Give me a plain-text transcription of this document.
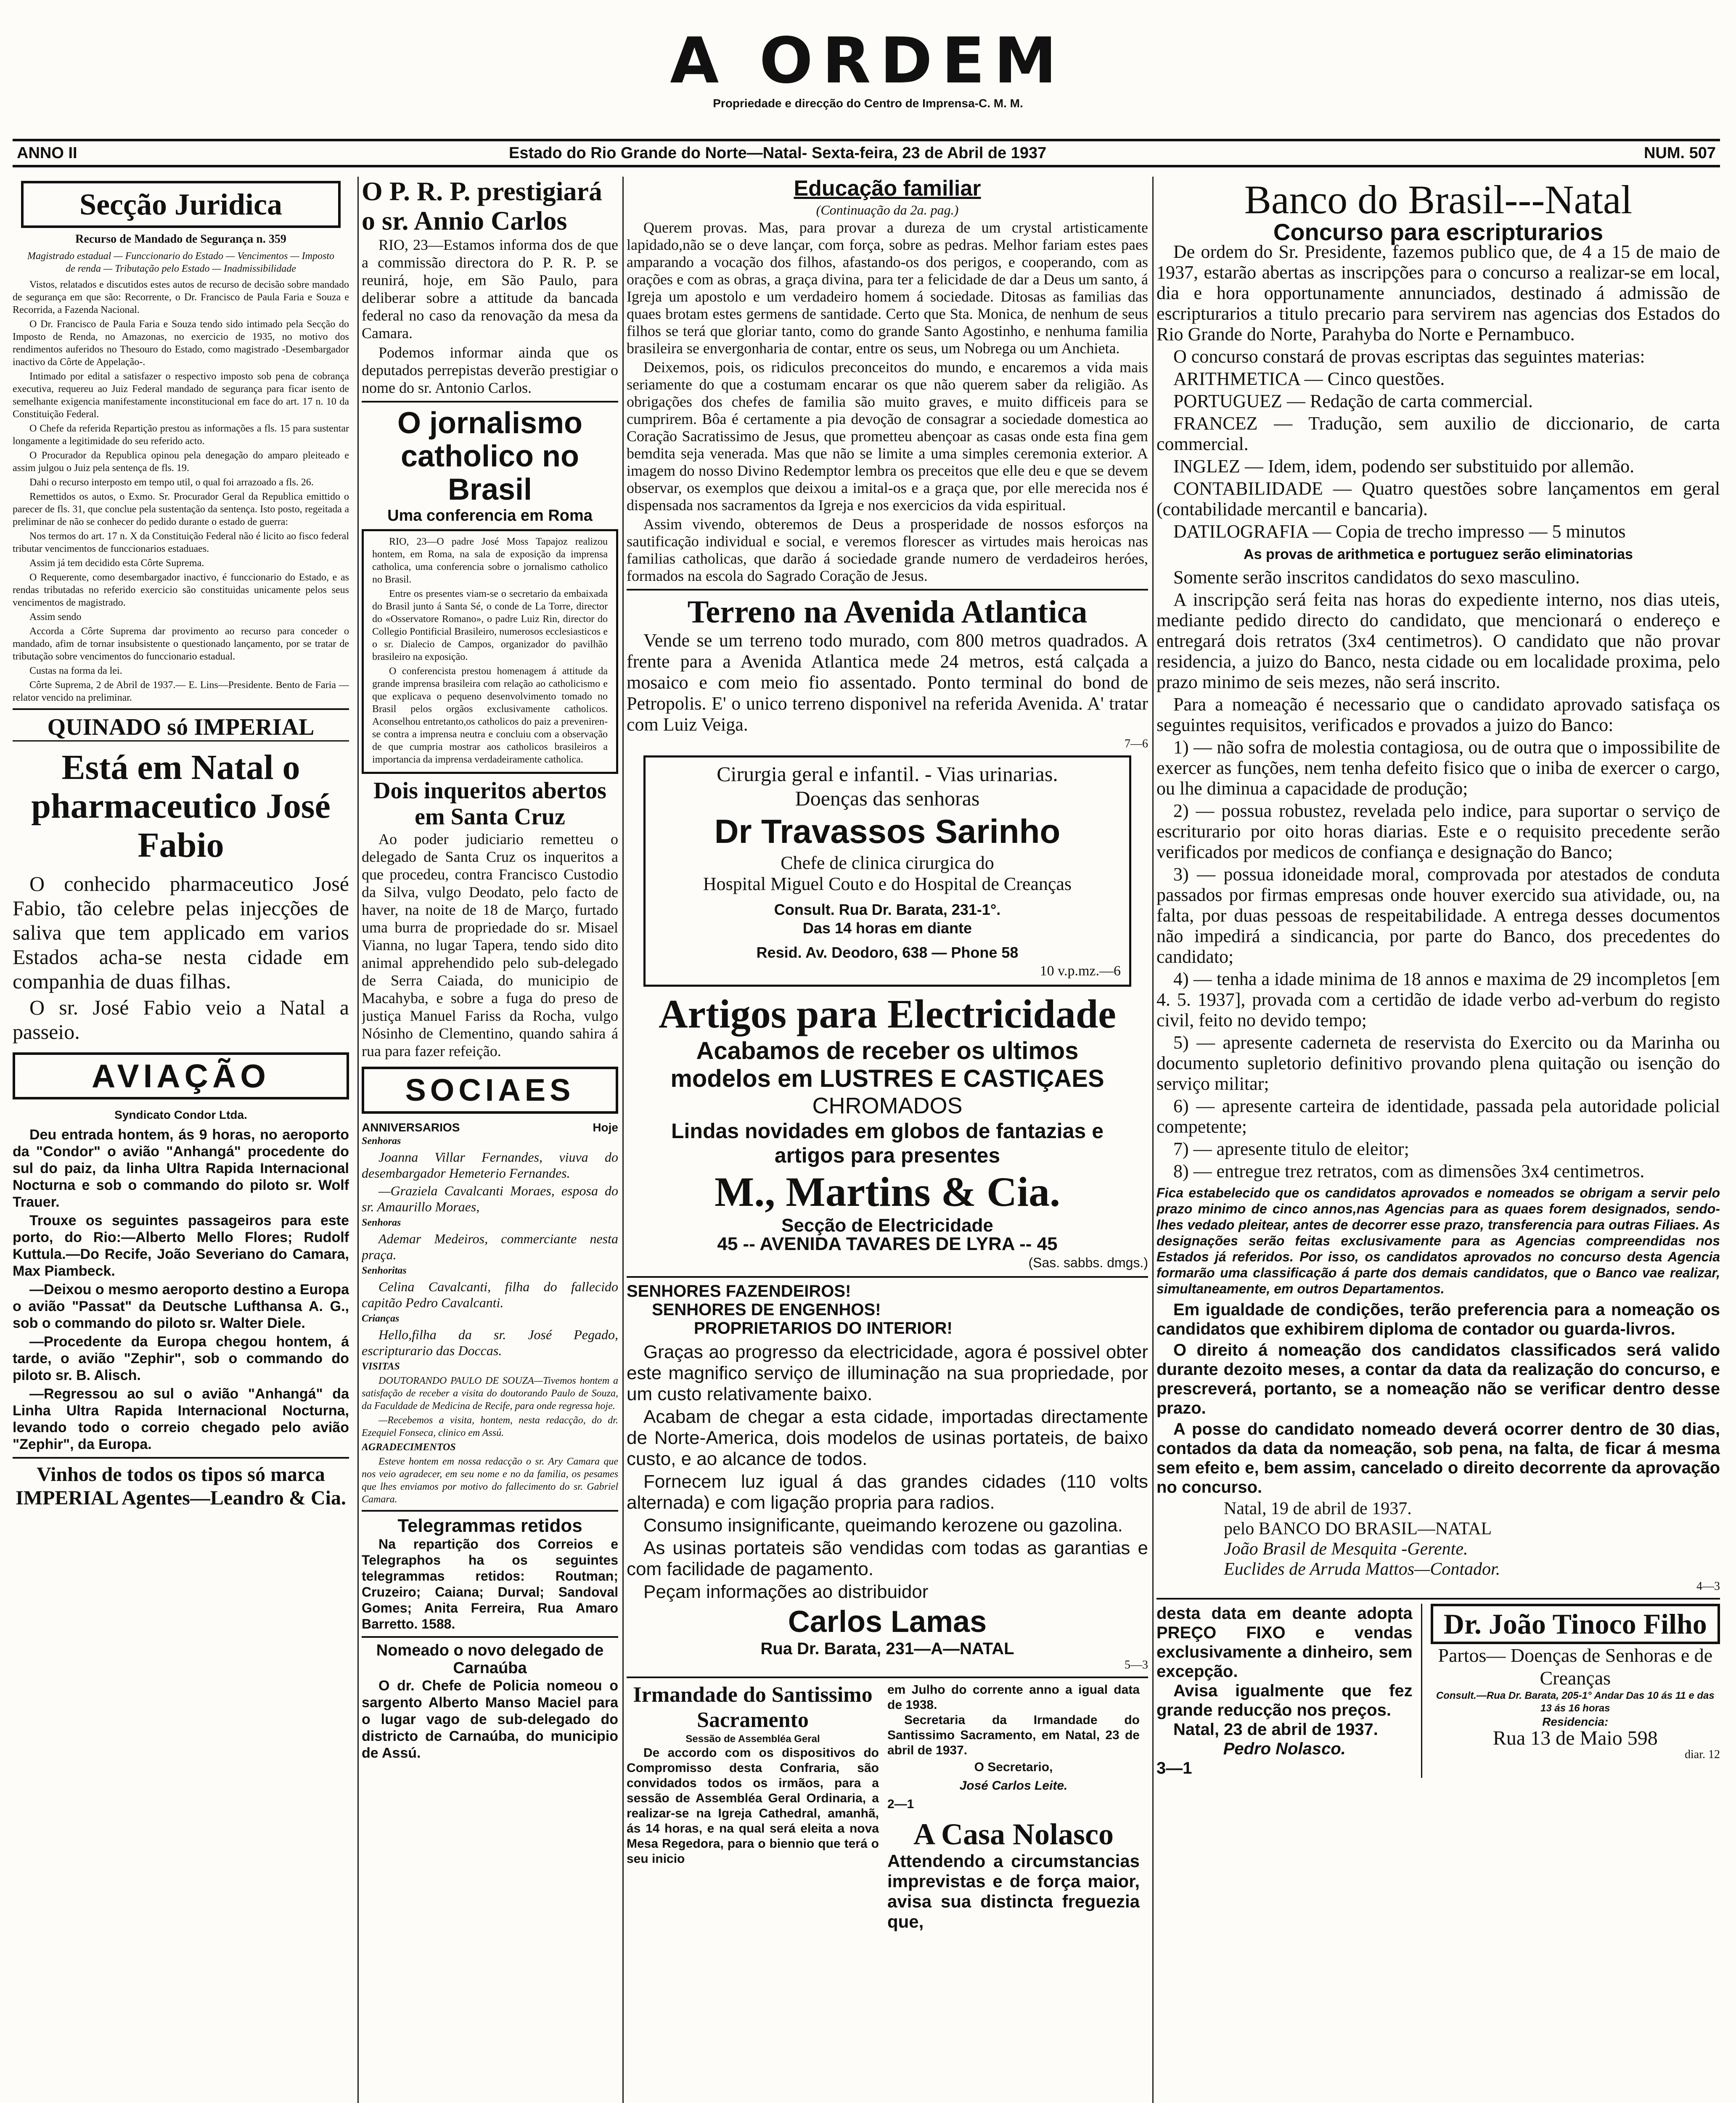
A ORDEM
Propriedade e direcção do Centro de Imprensa-C. M. M.
ANNO II	Estado do Rio Grande do Norte—Natal- Sexta-feira, 23 de Abril de 1937	NUM. 507
Secção Juridica
Recurso de Mandado de Segurança n. 359
Magistrado estadual — Funccionario do Estado — Vencimentos — Imposto de renda — Tributação pelo Estado — Inadmissibilidade

Vistos, relatados e discutidos estes autos de recurso de decisão sobre mandado de segurança em que são: Recorrente, o Dr. Francisco de Paula Faria e Souza e Recorrida, a Fazenda Nacional.

O Dr. Francisco de Paula Faria e Souza tendo sido intimado pela Secção do Imposto de Renda, no Amazonas, no exercicio de 1935, no motivo dos rendimentos auferidos no Thesouro do Estado, como magistrado -Desembargador inactivo da Côrte de Appelação-.

Intimado por edital a satisfazer o respectivo imposto sob pena de cobrança executiva, requereu ao Juiz Federal mandado de segurança para ficar isento de semelhante exigencia manifestamente inconstitucional em face do art. 17 n. 10 da Constituição Federal.

O Chefe da referida Repartição prestou as informações a fls. 15 para sustentar longamente a legitimidade do seu referido acto.

O Procurador da Republica opinou pela denegação do amparo pleiteado e assim julgou o Juiz pela sentença de fls. 19.

Dahi o recurso interposto em tempo util, o qual foi arrazoado a fls. 26.

Remettidos os autos, o Exmo. Sr. Procurador Geral da Republica emittido o parecer de fls. 31, que conclue pela sustentação da sentença. Isto posto, regeitada a preliminar de não se conhecer do pedido durante o estado de guerra:

Nos termos do art. 17 n. X da Constituição Federal não é licito ao fisco federal tributar vencimentos de funccionarios estaduaes.

Assim já tem decidido esta Côrte Suprema.

O Requerente, como desembargador inactivo, é funccionario do Estado, e as rendas tributadas no referido exercicio são constituidas unicamente pelos seus vencimentos de magistrado.

Assim sendo

Accorda a Côrte Suprema dar provimento ao recurso para conceder o mandado, afim de tornar insubsistente o questionado lançamento, por se tratar de tributação sobre vencimentos do funccionario estadual.

Custas na forma da lei.

Côrte Suprema, 2 de Abril de 1937.— E. Lins—Presidente. Bento de Faria —relator vencido na preliminar.

QUINADO só IMPERIAL
Está em Natal o pharmaceutico José Fabio

O conhecido pharmaceutico José Fabio, tão celebre pelas injecções de saliva que tem applicado em varios Estados acha-se nesta cidade em companhia de duas filhas.

O sr. José Fabio veio a Natal a passeio.

AVIAÇÃO
Syndicato Condor Ltda.

Deu entrada hontem, ás 9 horas, no aeroporto da "Condor" o avião "Anhangá" procedente do sul do paiz, da linha Ultra Rapida Internacional Nocturna e sob o commando do piloto sr. Wolf Trauer.

Trouxe os seguintes passageiros para este porto, do Rio:—Alberto Mello Flores; Rudolf Kuttula.—Do Recife, João Severiano do Camara, Max Piambeck.

—Deixou o mesmo aeroporto destino a Europa o avião "Passat" da Deutsche Lufthansa A. G., sob o commando do piloto sr. Walter Diele.

—Procedente da Europa chegou hontem, á tarde, o avião "Zephir", sob o commando do piloto sr. B. Alisch.

—Regressou ao sul o avião "Anhangá" da Linha Ultra Rapida Internacional Nocturna, levando todo o correio chegado pelo avião "Zephir", da Europa.

Vinhos de todos os tipos só marca IMPERIAL Agentes—Leandro & Cia.
O P. R. P. prestigiará o sr. Annio Carlos

RIO, 23—Estamos informa dos de que a commissão directora do P. R. P. se reunirá, hoje, em São Paulo, para deliberar sobre a attitude da bancada federal no caso da renovação da mesa da Camara.

Podemos informar ainda que os deputados perrepistas deverão prestigiar o nome do sr. Antonio Carlos.

O jornalismo catholico no Brasil
Uma conferencia em Roma

RIO, 23—O padre José Moss Tapajoz realizou hontem, em Roma, na sala de exposição da imprensa catholica, uma conferencia sobre o jornalismo catholico no Brasil.

Entre os presentes viam-se o secretario da embaixada do Brasil junto á Santa Sé, o conde de La Torre, director do «Osservatore Romano», o padre Luiz Rin, director do Collegio Pontificial Brasileiro, numerosos ecclesiasticos e o sr. Dialecio de Campos, organizador do pavilhão brasileiro na exposição.

O conferencista prestou homenagem á attitude da grande imprensa brasileira com relação ao catholicismo e que explicava o pequeno desenvolvimento tomado no Brasil pelos orgãos exclusivamente catholicos. Aconselhou entretanto,os catholicos do paiz a preveniren-se contra a imprensa neutra e concluiu com a observação de que cumpria mostrar aos catholicos brasileiros a importancia da imprensa verdadeiramente catholica.

Dois inqueritos abertos em Santa Cruz

Ao poder judiciario remetteu o delegado de Santa Cruz os inqueritos a que procedeu, contra Francisco Custodio da Silva, vulgo Deodato, pelo facto de haver, na noite de 18 de Março, furtado uma burra de propriedade do sr. Misael Vianna, no lugar Tapera, tendo sido dito animal apprehendido pelo sub-delegado de Serra Caiada, do municipio de Macahyba, e sobre a fuga do preso de justiça Manuel Fariss da Rocha, vulgo Nósinho de Clementino, quando sahira á rua para fazer refeição.

SOCIAES
ANNIVERSARIOS	Hoje

Senhoras

Joanna Villar Fernandes, viuva do desembargador Hemeterio Fernandes.

—Graziela Cavalcanti Moraes, esposa do sr. Amaurillo Moraes,

Senhoras

Ademar Medeiros, commerciante nesta praça.

Senhoritas

Celina Cavalcanti, filha do fallecido capitão Pedro Cavalcanti.

Crianças

Hello,filha da sr. José Pegado, escripturario das Doccas.

VISITAS

DOUTORANDO PAULO DE SOUZA—Tivemos hontem a satisfação de receber a visita do doutorando Paulo de Souza, da Faculdade de Medicina de Recife, para onde regressa hoje.

—Recebemos a visita, hontem, nesta redacção, do dr. Ezequiel Fonseca, clinico em Assú.

AGRADECIMENTOS

Esteve hontem em nossa redacção o sr. Ary Camara que nos veio agradecer, em seu nome e no da familia, os pesames que lhes enviamos por motivo do fallecimento do sr. Gabriel Camara.

Telegrammas retidos

Na repartição dos Correios e Telegraphos ha os seguintes telegrammas retidos: Routman; Cruzeiro; Caiana; Durval; Sandoval Gomes; Anita Ferreira, Rua Amaro Barretto. 1588.

Nomeado o novo delegado de Carnaúba

O dr. Chefe de Policia nomeou o sargento Alberto Manso Maciel para o lugar vago de sub-delegado do districto de Carnaúba, do municipio de Assú.

Educação familiar
(Continuação da 2a. pag.)

Querem provas. Mas, para provar a dureza de um crystal artisticamente lapidado,não se o deve lançar, com força, sobre as pedras. Melhor fariam estes paes amparando a vocação dos filhos, afastando-os dos perigos, e cooperando, com as orações e com as obras, a graça divina, para ter a felicidade de dar a Deus um santo, á Igreja um apostolo e um verdadeiro homem á sociedade. Ditosas as familias das quaes brotam estes germens de santidade. Certo que Sta. Monica, de nenhum de seus filhos se terá que gloriar tanto, como do grande Santo Agostinho, e nenhuma familia brasileira se envergonharia de contar, entre os seus, um Nobrega ou um Anchieta.

Deixemos, pois, os ridiculos preconceitos do mundo, e encaremos a vida mais seriamente do que a costumam encarar os que não querem saber da religião. As obrigações dos chefes de familia são muito graves, e muito difficeis para se cumprirem. Bôa é certamente a pia devoção de consagrar a sociedade domestica ao Coração Sacratissimo de Jesus, que prometteu abençoar as casas onde esta fina gem bemdita seja venerada. Mas que não se limite a uma simples ceremonia exterior. A imagem do nosso Divino Redemptor lembra os preceitos que elle deu e que se devem observar, os exemplos que deixou a imital-os e a graça que, por elle merecida nos é dispensada nos sacramentos da Igreja e nos exercicios da vida espiritual.

Assim vivendo, obteremos de Deus a prosperidade de nossos esforços na sautificação individual e social, e veremos florescer as virtudes mais heroicas nas familias catholicas, que darão á sociedade grande numero de verdadeiros heróes, formados na escola do Sagrado Coração de Jesus.

Terreno na Avenida Atlantica

Vende se um terreno todo murado, com 800 metros quadrados. A frente para a Avenida Atlantica mede 24 metros, está calçada a mosaico e com meio fio assentado. Ponto terminal do bond de Petropolis. E' o unico terreno disponivel na referida Avenida. A' tratar com Luiz Veiga.

7—6
Cirurgia geral e infantil. - Vias urinarias.
Doenças das senhoras
Dr Travassos Sarinho
Chefe de clinica cirurgica do
Hospital Miguel Couto e do Hospital de Creanças
Consult. Rua Dr. Barata, 231-1°.
Das 14 horas em diante
Resid. Av. Deodoro, 638 — Phone 58
10 v.p.mz.—6
Artigos para Electricidade
Acabamos de receber os ultimos
modelos em LUSTRES E CASTIÇAES
CHROMADOS
Lindas novidades em globos de fantazias e
artigos para presentes
M., Martins & Cia.
Secção de Electricidade
45 -- AVENIDA TAVARES DE LYRA -- 45
(Sas. sabbs. dmgs.)
SENHORES FAZENDEIROS!
SENHORES DE ENGENHOS!
PROPRIETARIOS DO INTERIOR!

Graças ao progresso da electricidade, agora é possivel obter este magnifico serviço de illuminação na sua propriedade, por um custo relativamente baixo.

Acabam de chegar a esta cidade, importadas directamente de Norte-America, dois modelos de usinas portateis, de baixo custo, e ao alcance de todos.

Fornecem luz igual á das grandes cidades (110 volts alternada) e com ligação propria para radios.

Consumo insignificante, queimando kerozene ou gazolina.

As usinas portateis são vendidas com todas as garantias e com facilidade de pagamento.

Peçam informações ao distribuidor

Carlos Lamas
Rua Dr. Barata, 231—A—NATAL
5—3
Irmandade do Santissimo Sacramento
Sessão de Assembléa Geral

De accordo com os dispositivos do Compromisso desta Confraria, são convidados todos os irmãos, para a sessão de Assembléa Geral Ordinaria, a realizar-se na Igreja Cathedral, amanhã, ás 14 horas, e na qual será eleita a nova Mesa Regedora, para o biennio que terá o seu inicio

em Julho do corrente anno a igual data de 1938.
Secretaria da Irmandade do Santissimo Sacramento, em Natal, 23 de abril de 1937.
O Secretario,
José Carlos Leite.
2—1
A Casa Nolasco
Attendendo a circumstancias imprevistas e de força maior, avisa sua distincta freguezia que,
Banco do Brasil---Natal
Concurso para escripturarios

De ordem do Sr. Presidente, fazemos publico que, de 4 a 15 de maio de 1937, estarão abertas as inscripções para o concurso a realizar-se em local, dia e hora opportunamente annunciados, destinado á admissão de escripturarios a titulo precario para servirem nas agencias dos Estados do Rio Grande do Norte, Parahyba do Norte e Pernambuco.

O concurso constará de provas escriptas das seguintes materias:

ARITHMETICA — Cinco questões.

PORTUGUEZ — Redação de carta commercial.

FRANCEZ — Tradução, sem auxilio de diccionario, de carta commercial.

INGLEZ — Idem, idem, podendo ser substituido por allemão.

CONTABILIDADE — Quatro questões sobre lançamentos em geral (contabilidade mercantil e bancaria).

DATILOGRAFIA — Copia de trecho impresso — 5 minutos

As provas de arithmetica e portuguez serão eliminatorias

Somente serão inscritos candidatos do sexo masculino.

A inscripção será feita nas horas do expediente interno, nos dias uteis, mediante pedido directo do candidato, que mencionará o endereço e entregará dois retratos (3x4 centimetros). O candidato que não provar residencia, a juizo do Banco, nesta cidade ou em localidade proxima, pelo prazo minimo de seis mezes, não será inscrito.

Para a nomeação é necessario que o candidato aprovado satisfaça os seguintes requisitos, verificados e provados a juizo do Banco:

1) — não sofra de molestia contagiosa, ou de outra que o impossibilite de exercer as funções, nem tenha defeito fisico que o iniba de exercer o cargo, ou lhe diminua a capacidade de produção;

2) — possua robustez, revelada pelo indice, para suportar o serviço de escriturario por oito horas diarias. Este e o requisito precedente serão verificados por medicos de confiança e designação do Banco;

3) — possua idoneidade moral, comprovada por atestados de conduta passados por firmas empresas onde houver exercido sua atividade, ou, na falta, por duas pessoas de respeitabilidade. A entrega desses documentos não impedirá a sindicancia, por parte do Banco, dos precedentes do candidato;

4) — tenha a idade minima de 18 annos e maxima de 29 incompletos [em 4. 5. 1937], provada com a certidão de idade verbo ad-verbum do registo civil, feito no devido tempo;

5) — apresente caderneta de reservista do Exercito ou da Marinha ou documento supletorio definitivo provando plena quitação ou isenção do serviço militar;

6) — apresente carteira de identidade, passada pela autoridade policial competente;

7) — apresente titulo de eleitor;

8) — entregue trez retratos, com as dimensões 3x4 centimetros.

Fica estabelecido que os candidatos aprovados e nomeados se obrigam a servir pelo prazo minimo de cinco annos,nas Agencias para as quaes forem designados, sendo-lhes vedado pleitear, antes de decorrer esse prazo, transferencia para outras Filiaes. As designações serão feitas exclusivamente para as Agencias compreendidas nos Estados já referidos. Por isso, os candidatos aprovados no concurso desta Agencia formarão uma classificação á parte dos demais candidatos, que o Banco vae realizar, simultaneamente, em outros Departamentos.

Em igualdade de condições, terão preferencia para a nomeação os candidatos que exhibirem diploma de contador ou guarda-livros.

O direito á nomeação dos candidatos classificados será valido durante dezoito meses, a contar da data da realização do concurso, e prescreverá, portanto, se a nomeação não se verificar dentro desse prazo.

A posse do candidato nomeado deverá ocorrer dentro de 30 dias, contados da data da nomeação, sob pena, na falta, de ficar á mesma sem efeito e, bem assim, cancelado o direito decorrente da aprovação no concurso.

Natal, 19 de abril de 1937.
pelo BANCO DO BRASIL—NATAL
João Brasil de Mesquita -Gerente.
Euclides de Arruda Mattos—Contador.
4—3
desta data em deante adopta PREÇO FIXO e vendas exclusivamente a dinheiro, sem excepção.
Avisa igualmente que fez grande reducção nos preços.
Natal, 23 de abril de 1937.
Pedro Nolasco.
3—1
Dr. João Tinoco Filho
Partos— Doenças de Senhoras e de Creanças
Consult.—Rua Dr. Barata, 205-1° Andar Das 10 ás 11 e das 13 ás 16 horas
Residencia:
Rua 13 de Maio 598
diar. 12
